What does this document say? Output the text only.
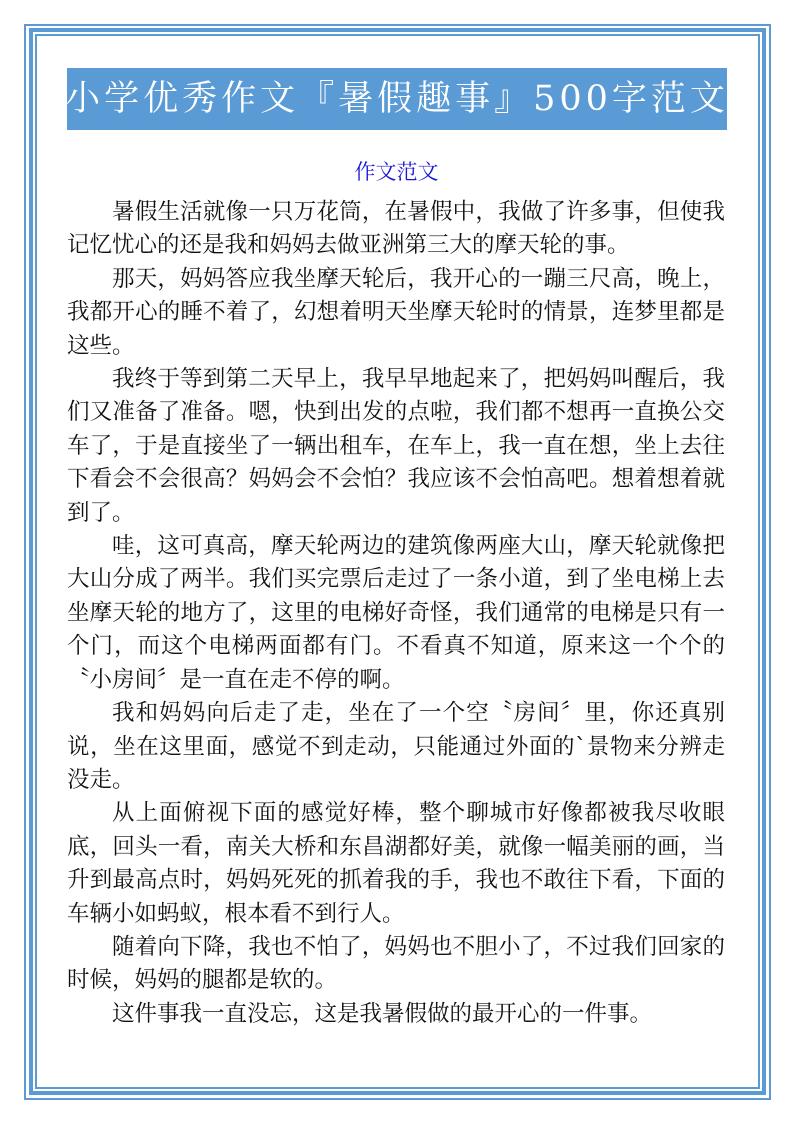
小学优秀作文『暑假趣事』500字范文
作文范文

暑假生活就像一只万花筒，在暑假中，我做了许多事，但使我记忆忧心的还是我和妈妈去做亚洲第三大的摩天轮的事。

那天，妈妈答应我坐摩天轮后，我开心的一蹦三尺高，晚上，我都开心的睡不着了，幻想着明天坐摩天轮时的情景，连梦里都是这些。

我终于等到第二天早上，我早早地起来了，把妈妈叫醒后，我们又准备了准备。嗯，快到出发的点啦，我们都不想再一直换公交车了，于是直接坐了一辆出租车，在车上，我一直在想，坐上去往下看会不会很高？妈妈会不会怕？我应该不会怕高吧。想着想着就到了。

哇，这可真高，摩天轮两边的建筑像两座大山，摩天轮就像把大山分成了两半。我们买完票后走过了一条小道，到了坐电梯上去坐摩天轮的地方了，这里的电梯好奇怪，我们通常的电梯是只有一个门，而这个电梯两面都有门。不看真不知道，原来这一个个的〝小房间〞是一直在走不停的啊。

我和妈妈向后走了走，坐在了一个空〝房间〞里，你还真别说，坐在这里面，感觉不到走动，只能通过外面的`景物来分辨走没走。

从上面俯视下面的感觉好棒，整个聊城市好像都被我尽收眼底，回头一看，南关大桥和东昌湖都好美，就像一幅美丽的画，当升到最高点时，妈妈死死的抓着我的手，我也不敢往下看，下面的车辆小如蚂蚁，根本看不到行人。

随着向下降，我也不怕了，妈妈也不胆小了，不过我们回家的时候，妈妈的腿都是软的。

这件事我一直没忘，这是我暑假做的最开心的一件事。
